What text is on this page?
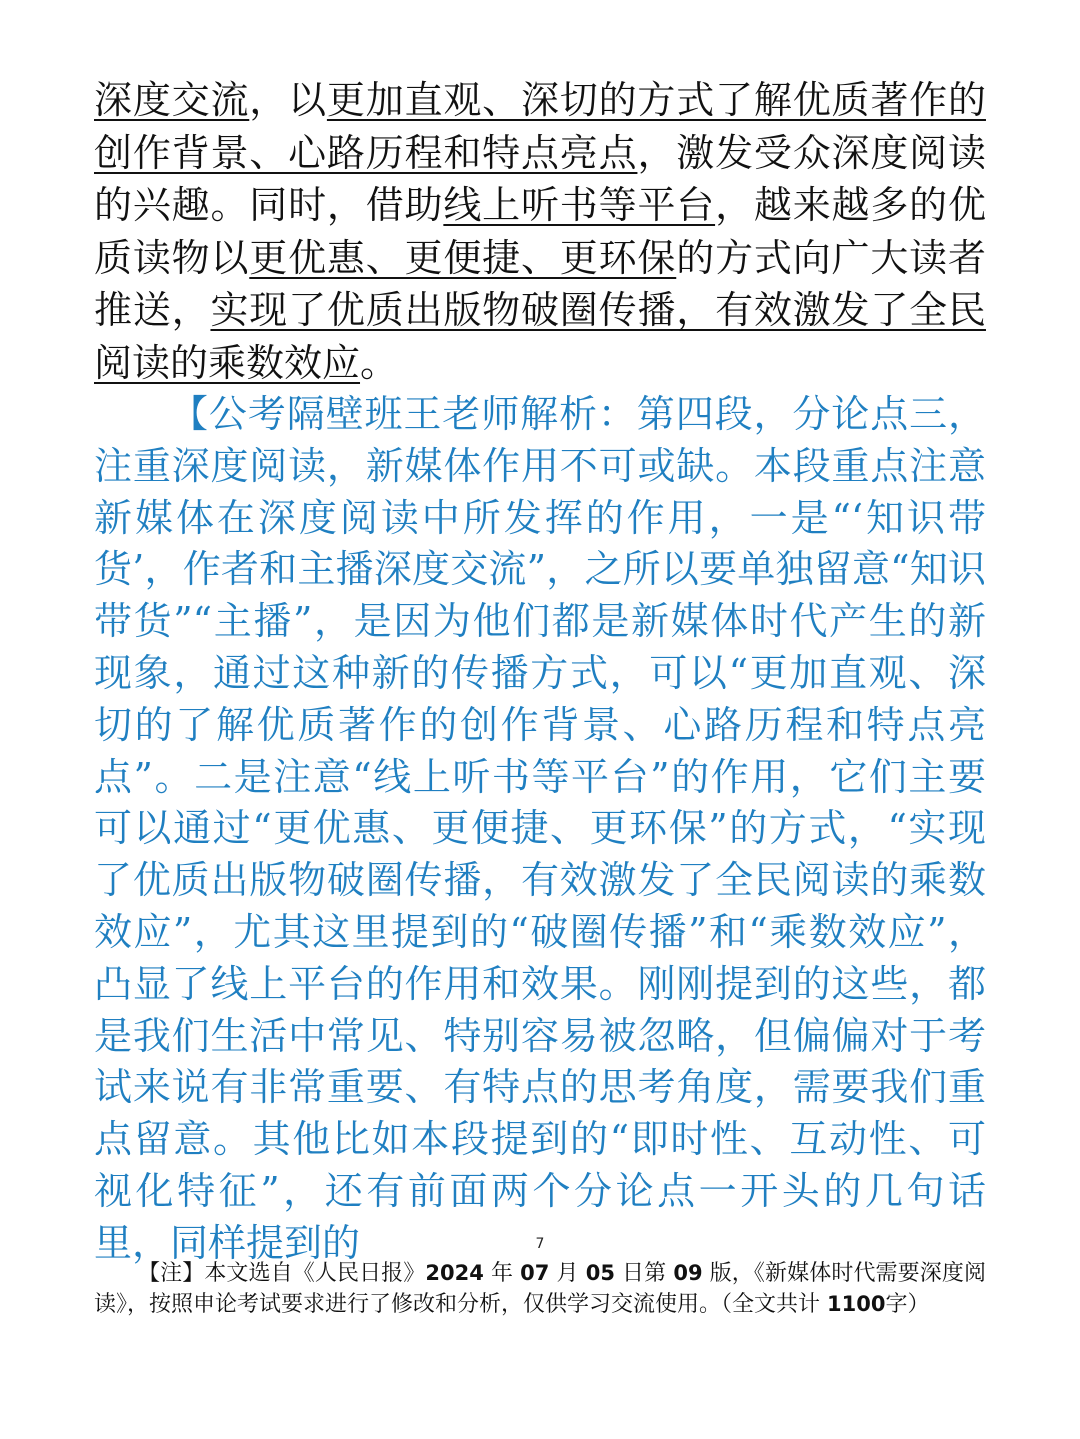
深度交流，以更加直观、深切的方式了解优质著作的创作背景、心路历程和特点亮点，激发受众深度阅读的兴趣。同时，借助线上听书等平台，越来越多的优质读物以更优惠、更便捷、更环保的方式向广大读者推送，实现了优质出版物破圈传播，有效激发了全民阅读的乘数效应。

【公考隔壁班王老师解析：第四段，分论点三，注重深度阅读，新媒体作用不可或缺。本段重点注意新媒体在深度阅读中所发挥的作用，一是“‘知识带货’，作者和主播深度交流”，之所以要单独留意“知识带货”“主播”，是因为他们都是新媒体时代产生的新现象，通过这种新的传播方式，可以“更加直观、深切的了解优质著作的创作背景、心路历程和特点亮点”。二是注意“线上听书等平台”的作用，它们主要可以通过“更优惠、更便捷、更环保”的方式，“实现了优质出版物破圈传播，有效激发了全民阅读的乘数效应”，尤其这里提到的“破圈传播”和“乘数效应”，凸显了线上平台的作用和效果。刚刚提到的这些，都是我们生活中常见、特别容易被忽略，但偏偏对于考试来说有非常重要、有特点的思考角度，需要我们重点留意。其他比如本段提到的“即时性、互动性、可视化特征”，还有前面两个分论点一开头的几句话里，同样提到的	7

【注】本文选自《人民日报》2024 年 07 月 05 日第 09 版，《新媒体时代需要深度阅读》，按照申论考试要求进行了修改和分析，仅供学习交流使用。（全文共计 1100字）
